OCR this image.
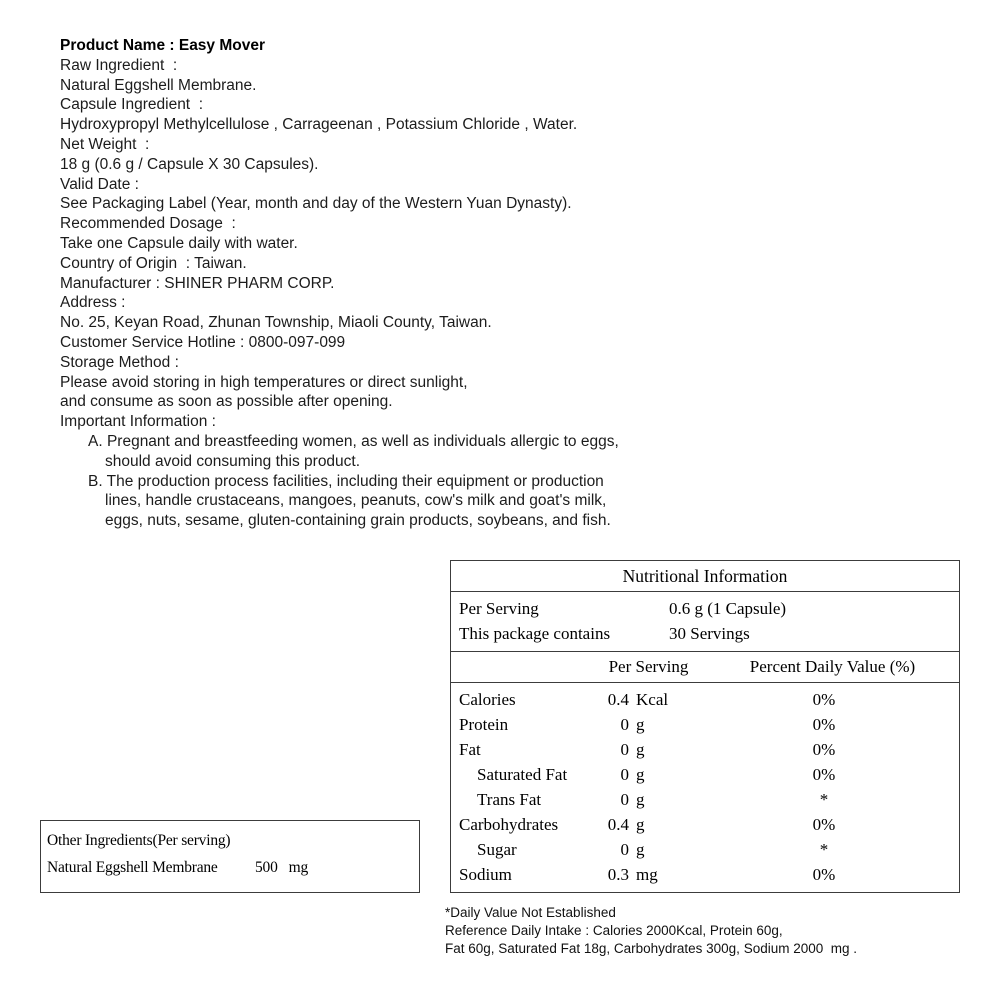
Product Name : Easy Mover
Raw Ingredient  :
Natural Eggshell Membrane.
Capsule Ingredient  :
Hydroxypropyl Methylcellulose , Carrageenan , Potassium Chloride , Water.
Net Weight  :
18 g (0.6 g / Capsule X 30 Capsules).
Valid Date :
See Packaging Label (Year, month and day of the Western Yuan Dynasty).
Recommended Dosage  :
Take one Capsule daily with water.
Country of Origin  : Taiwan.
Manufacturer : SHINER PHARM CORP.
Address :
No. 25, Keyan Road, Zhunan Township, Miaoli County, Taiwan.
Customer Service Hotline : 0800-097-099
Storage Method :
Please avoid storing in high temperatures or direct sunlight,
and consume as soon as possible after opening.
Important Information :
A. Pregnant and breastfeeding women, as well as individuals allergic to eggs,
should avoid consuming this product.
B. The production process facilities, including their equipment or production
lines, handle crustaceans, mangoes, peanuts, cow's milk and goat's milk,
eggs, nuts, sesame, gluten-containing grain products, soybeans, and fish.
Nutritional Information
Per Serving	0.6 g (1 Capsule)
This package contains	30 Servings
Per Serving	Percent Daily Value (%)
Calories	0.4 Kcal	0%
Protein	0 g	0%
Fat	0 g	0%
Saturated Fat	0 g	0%
Trans Fat	0 g	*
Carbohydrates	0.4 g	0%
Sugar	0 g	*
Sodium	0.3 mg	0%
Other Ingredients(Per serving)
Natural Eggshell Membrane	500 mg
*Daily Value Not Established
Reference Daily Intake : Calories 2000Kcal, Protein 60g,
Fat 60g, Saturated Fat 18g, Carbohydrates 300g, Sodium 2000  mg .
